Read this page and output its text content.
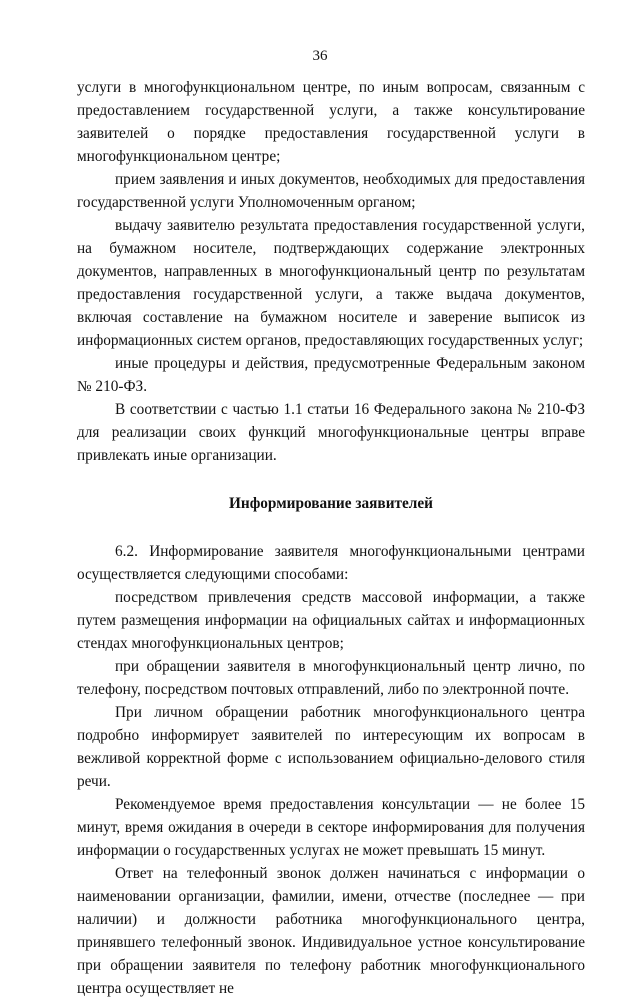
36

услуги в многофункциональном центре, по иным вопросам, связанным с предоставлением государственной услуги, а также консультирование заявителей о порядке предоставления государственной услуги в многофункциональном центре;

прием заявления и иных документов, необходимых для предоставления государственной услуги Уполномоченным органом;

выдачу заявителю результата предоставления государственной услуги, на бумажном носителе, подтверждающих содержание электронных документов, направленных в многофункциональный центр по результатам предоставления государственной услуги, а также выдача документов, включая составление на бумажном носителе и заверение выписок из информационных систем органов, предоставляющих государственных услуг;

иные процедуры и действия, предусмотренные Федеральным законом № 210-ФЗ.

В соответствии с частью 1.1 статьи 16 Федерального закона № 210-ФЗ для реализации своих функций многофункциональные центры вправе привлекать иные организации.

Информирование заявителей

6.2. Информирование заявителя многофункциональными центрами осуществляется следующими способами:

посредством привлечения средств массовой информации, а также путем размещения информации на официальных сайтах и информационных стендах многофункциональных центров;

при обращении заявителя в многофункциональный центр лично, по телефону, посредством почтовых отправлений, либо по электронной почте.

При личном обращении работник многофункционального центра подробно информирует заявителей по интересующим их вопросам в вежливой корректной форме с использованием официально-делового стиля речи.

Рекомендуемое время предоставления консультации — не более 15 минут, время ожидания в очереди в секторе информирования для получения информации о государственных услугах не может превышать 15 минут.

Ответ на телефонный звонок должен начинаться с информации о наименовании организации, фамилии, имени, отчестве (последнее — при наличии) и должности работника многофункционального центра, принявшего телефонный звонок. Индивидуальное устное консультирование при обращении заявителя по телефону работник многофункционального центра осуществляет не
